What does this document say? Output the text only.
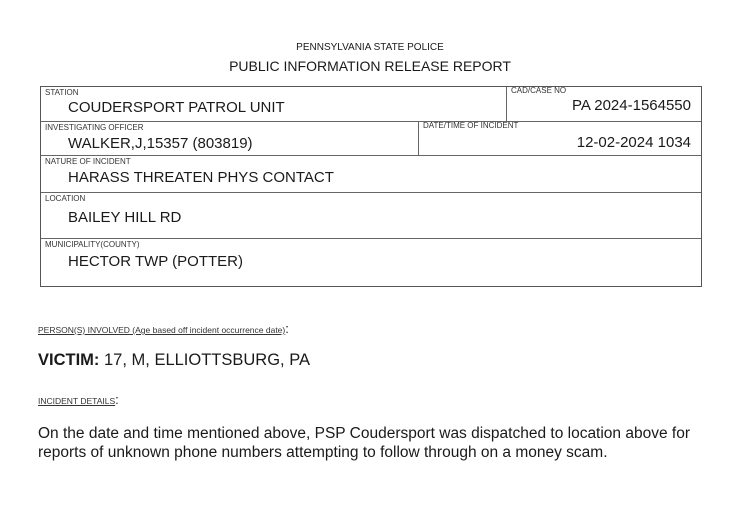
PENNSYLVANIA STATE POLICE
PUBLIC INFORMATION RELEASE REPORT
STATION
COUDERSPORT PATROL UNIT
CAD/CASE NO
PA 2024-1564550
INVESTIGATING OFFICER
WALKER,J,15357 (803819)
DATE/TIME OF INCIDENT
12-02-2024 1034
NATURE OF INCIDENT
HARASS THREATEN PHYS CONTACT
LOCATION
BAILEY HILL RD
MUNICIPALITY(COUNTY)
HECTOR TWP (POTTER)
PERSON(S) INVOLVED (Age based off incident occurrence date):
VICTIM: 17, M, ELLIOTTSBURG, PA
INCIDENT DETAILS:
On the date and time mentioned above, PSP Coudersport was dispatched to location above for reports of unknown phone numbers attempting to follow through on a money scam.
